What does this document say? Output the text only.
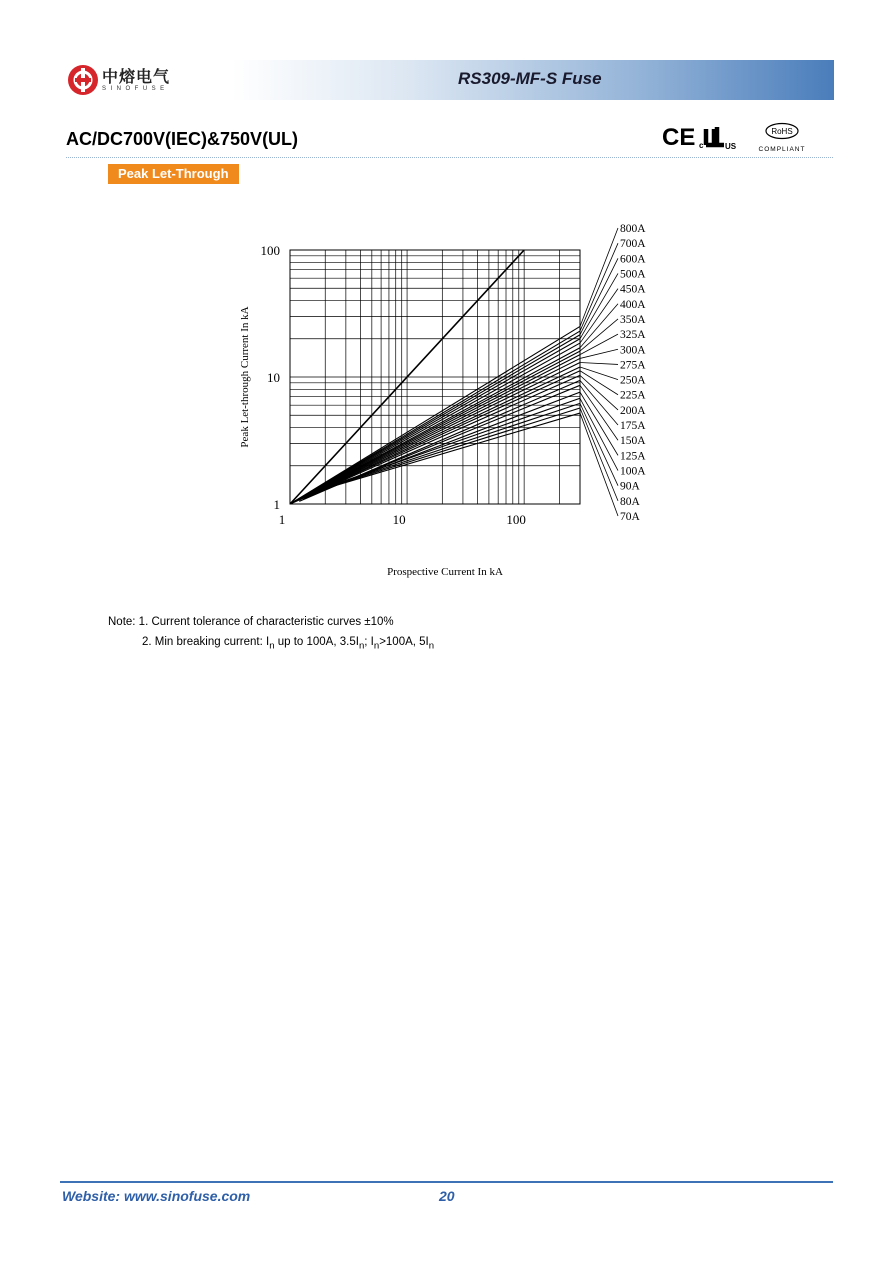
中熔电气
SINOFUSE
RS309-MF-S Fuse
AC/DC700V(IEC)&750V(UL)	CE c	US
RoHS
COMPLIANT
Peak Let-Through
1
1
10
10
100
100
800A
700A
600A
500A
450A
400A
350A
325A
300A
275A
250A
225A
200A
175A
150A
125A
100A
90A
80A
70A
Prospective Current In kA
Peak Let-through Current In kA
Note: 1. Current tolerance of characteristic curves ±10%
2. Min breaking current: $I_n$ up to 100A, $3.5I_n$; $I_n>100A$, $5I_n$
Website: www.sinofuse.com	20
